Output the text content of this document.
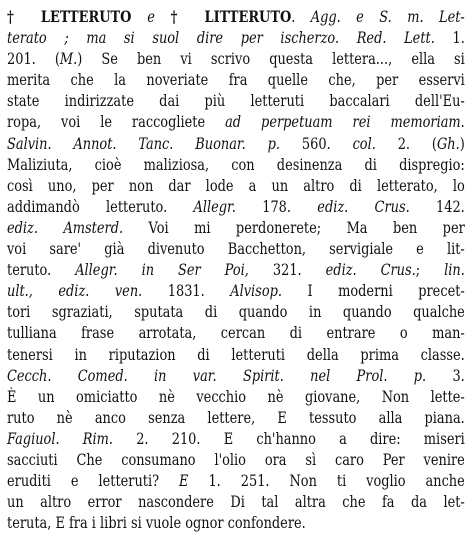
† LETTERUTO e † LITTERUTO. Agg. e S. m. Let-
terato ; ma si suol dire per ischerzo. Red. Lett. 1.
201. (M.) Se ben vi scrivo questa lettera..., ella si
merita che la noveriate fra quelle che, per esservi
state indirizzate dai più letteruti baccalari dell'Eu-
ropa, voi le raccogliete ad perpetuam rei memoriam.
Salvin. Annot. Tanc. Buonar. p. 560. col. 2. (Gh.)
Maliziuta, cioè maliziosa, con desinenza di dispregio:
così uno, per non dar lode a un altro di letterato, lo
addimandò letteruto. Allegr. 178. ediz. Crus. 142.
ediz. Amsterd. Voi mi perdonerete; Ma ben per
voi sare' già divenuto Bacchetton, servigiale e lit-
teruto. Allegr. in Ser Poi, 321. ediz. Crus.; lin.
ult., ediz. ven. 1831. Alvisop. I moderni precet-
tori sgraziati, sputata di quando in quando qualche
tulliana frase arrotata, cercan di entrare o man-
tenersi in riputazion di letteruti della prima classe.
Cecch. Comed. in var. Spirit. nel Prol. p. 3.
È un omiciatto nè vecchio nè giovane, Non lette-
ruto nè anco senza lettere, E tessuto alla piana.
Fagiuol. Rim. 2. 210. E ch'hanno a dire: miseri
sacciuti Che consumano l'olio ora sì caro Per venire
eruditi e letteruti? E 1. 251. Non ti voglio anche
un altro error nascondere Di tal altra che fa da let-
teruta, E fra i libri si vuole ognor confondere.
